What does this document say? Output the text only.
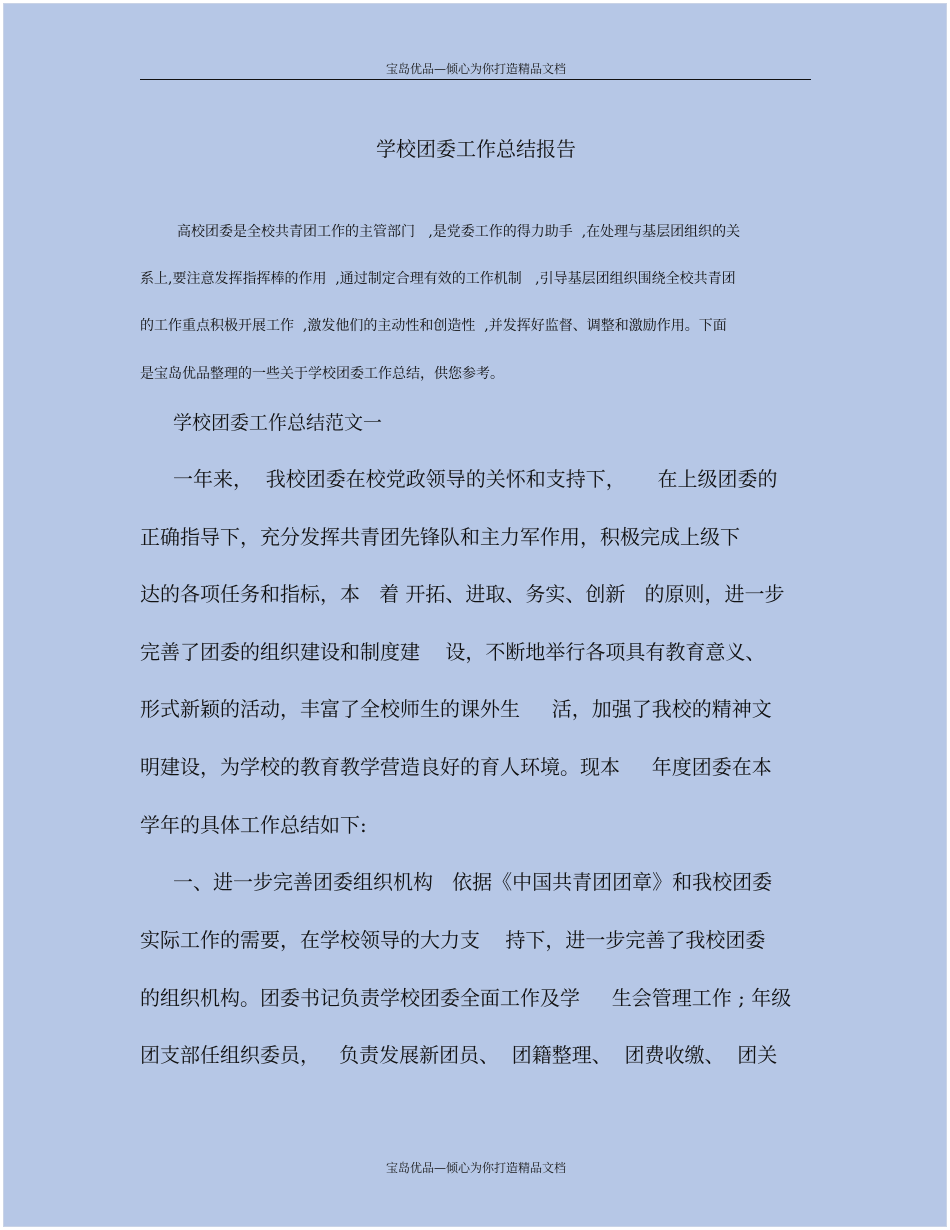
宝岛优品—倾心为你打造精品文档
学校团委工作总结报告
高校团委是全校共青团工作的主管部门   ,是党委工作的得力助手  ,在处理与基层团组织的关
系上,要注意发挥指挥棒的作用  ,通过制定合理有效的工作机制   ,引导基层团组织围绕全校共青团
的工作重点积极开展工作  ,激发他们的主动性和创造性  ,并发挥好监督、调整和激励作用。下面
是宝岛优品整理的一些关于学校团委工作总结，供您参考。
学校团委工作总结范文一
一年来，  我校团委在校党政领导的关怀和支持下，     在上级团委的
正确指导下，充分发挥共青团先锋队和主力军作用，积极完成上级下
达的各项任务和指标，本   着 开拓、进取、务实、创新   的原则，进一步
完善了团委的组织建设和制度建    设，不断地举行各项具有教育意义、
形式新颖的活动，丰富了全校师生的课外生     活，加强了我校的精神文
明建设，为学校的教育教学营造良好的育人环境。现本     年度团委在本
学年的具体工作总结如下:
一、进一步完善团委组织机构   依据《中国共青团团章》和我校团委
实际工作的需要，在学校领导的大力支    持下，进一步完善了我校团委
的组织机构。团委书记负责学校团委全面工作及学     生会管理工作 ; 年级
团支部任组织委员，   负责发展新团员、  团籍整理、  团费收缴、  团关
宝岛优品—倾心为你打造精品文档
